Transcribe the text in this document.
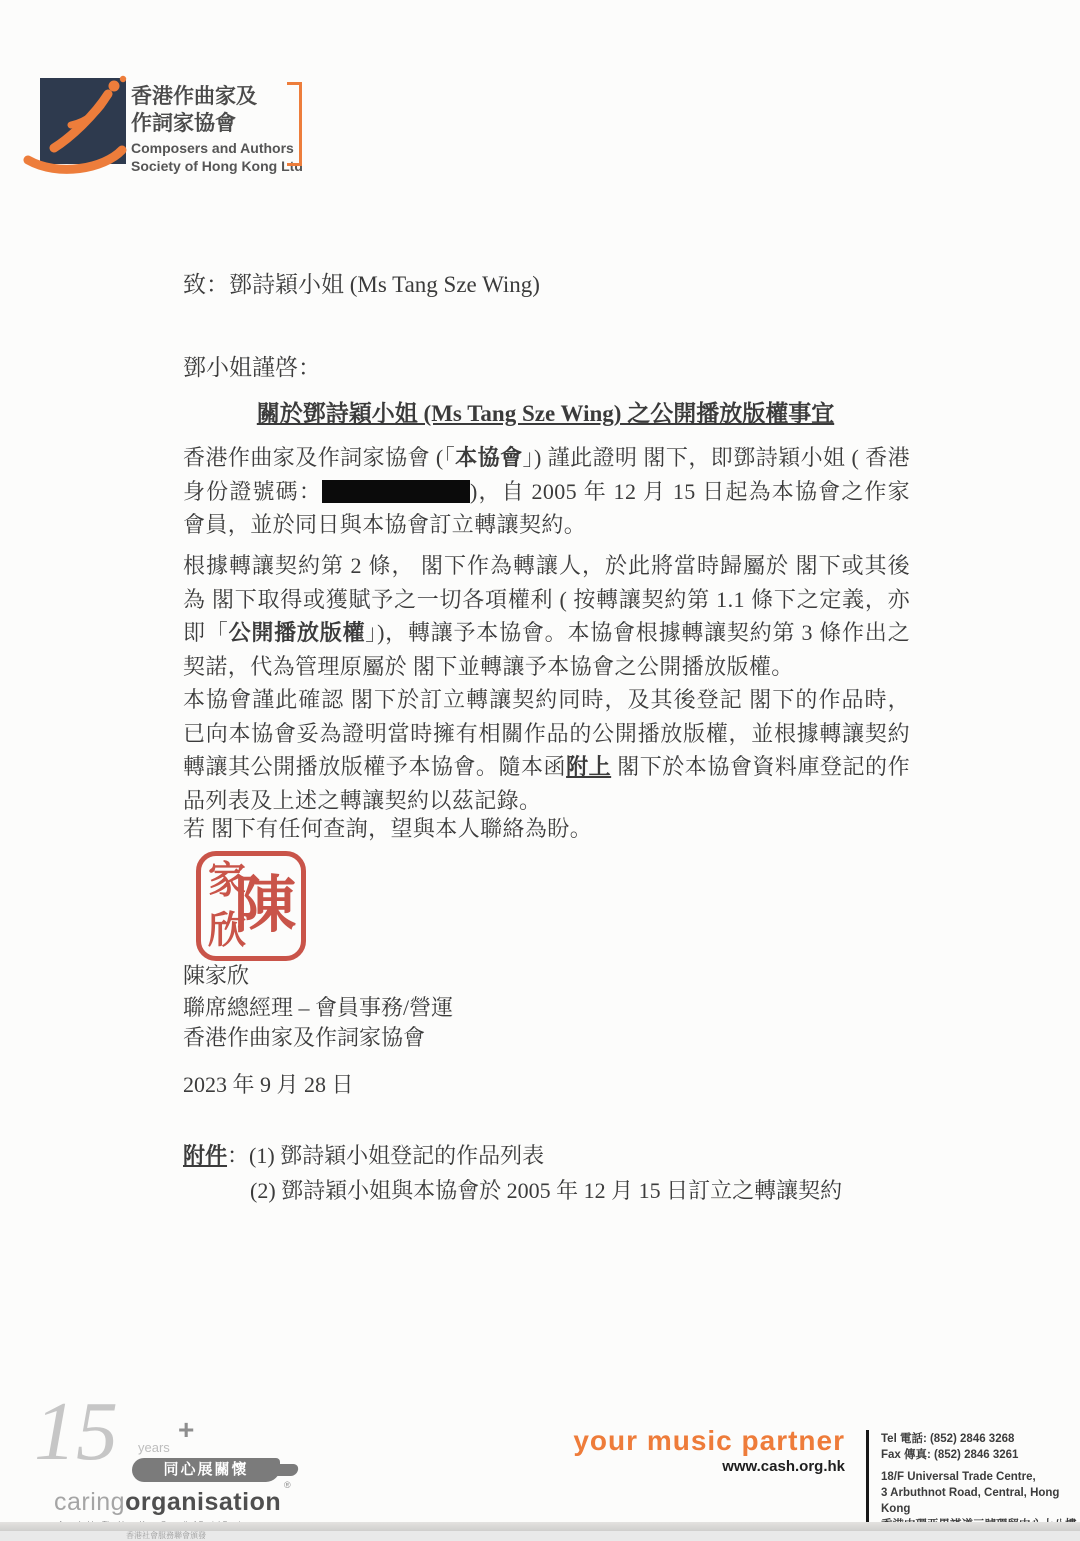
香港作曲家及
作詞家協會
Composers and Authors
Society of Hong Kong Ltd
致：鄧詩穎小姐 (Ms Tang Sze Wing)
鄧小姐謹啓：
關於鄧詩穎小姐 (Ms Tang Sze Wing) 之公開播放版權事宜
香港作曲家及作詞家協會 (「本協會」) 謹此證明 閣下，即鄧詩穎小姐 ( 香港身份證號碼：	)，自 2005 年 12 月 15 日起為本協會之作家會員，並於同日與本協會訂立轉讓契約。
根據轉讓契約第 2 條， 閣下作為轉讓人，於此將當時歸屬於 閣下或其後為 閣下取得或獲賦予之一切各項權利 ( 按轉讓契約第 1.1 條下之定義，亦即「公開播放版權」)，轉讓予本協會。本協會根據轉讓契約第 3 條作出之契諾，代為管理原屬於 閣下並轉讓予本協會之公開播放版權。
本協會謹此確認 閣下於訂立轉讓契約同時，及其後登記 閣下的作品時，已向本協會妥為證明當時擁有相關作品的公開播放版權，並根據轉讓契約轉讓其公開播放版權予本協會。隨本函附上 閣下於本協會資料庫登記的作品列表及上述之轉讓契約以茲記錄。
若 閣下有任何查詢，望與本人聯絡為盼。
家
欣
陳
陳家欣
聯席總經理 – 會員事務/營運
香港作曲家及作詞家協會
2023 年 9 月 28 日
附件 ： (1) 鄧詩穎小姐登記的作品列表
(2) 鄧詩穎小姐與本協會於 2005 年 12 月 15 日訂立之轉讓契約
15 years
+
同心展關懷
®
caringorganisation
香港社會服務聯會頒發
your music partner
www.cash.org.hk
Tel 電話: (852) 2846 3268
Fax 傳真: (852) 2846 3261
18/F Universal Trade Centre,
3 Arbuthnot Road, Central, Hong Kong
